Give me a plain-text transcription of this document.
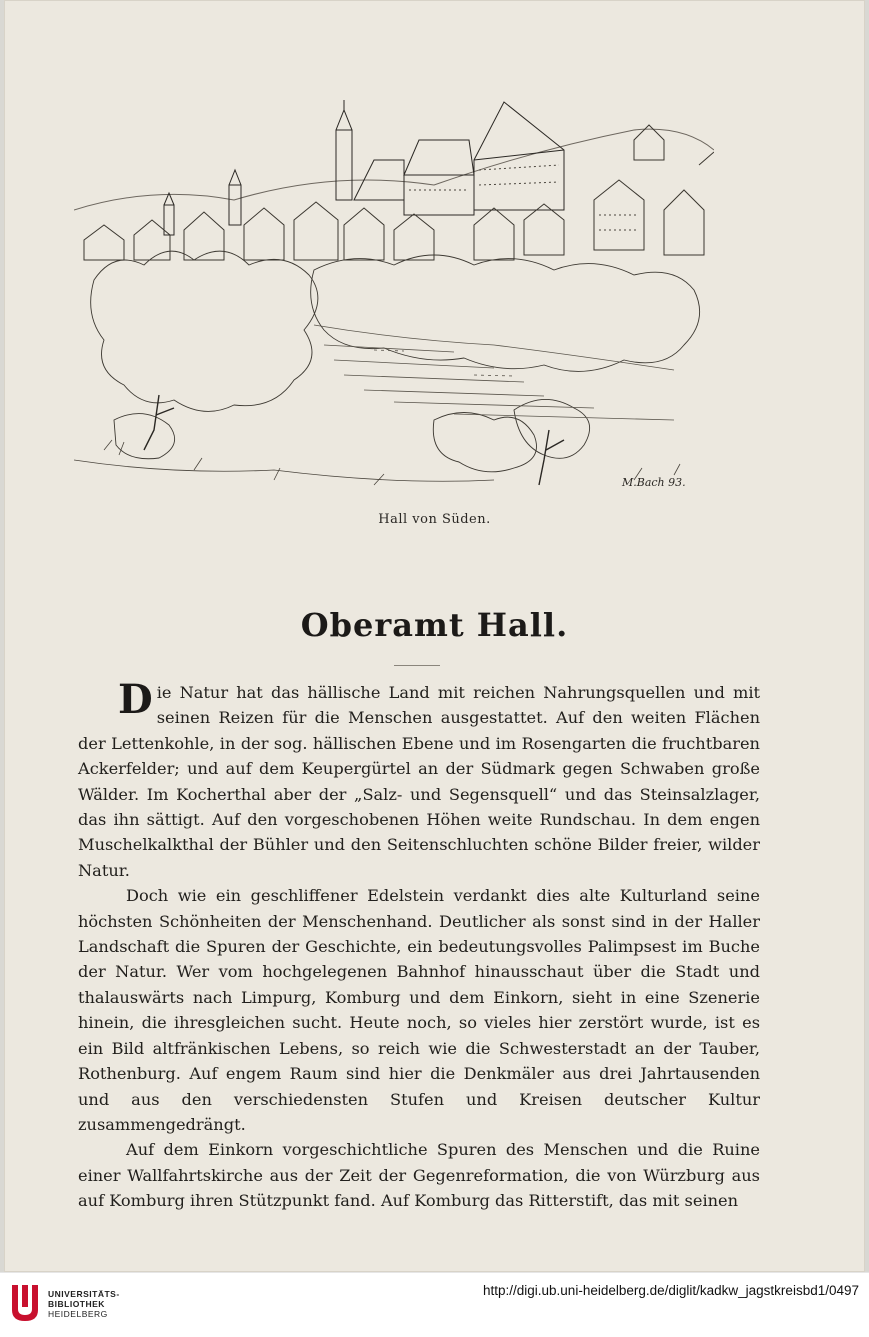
M.Bach 93.
Hall von Süden.
Oberamt Hall.

Die Natur hat das hällische Land mit reichen Nahrungsquellen und mit seinen Reizen für die Menschen ausgestattet. Auf den weiten Flächen der Lettenkohle, in der sog. hällischen Ebene und im Rosengarten die fruchtbaren Ackerfelder; und auf dem Keupergürtel an der Südmark gegen Schwaben große Wälder. Im Kocherthal aber der „Salz- und Segensquell“ und das Steinsalzlager, das ihn sättigt. Auf den vorgeschobenen Höhen weite Rundschau. In dem engen Muschelkalkthal der Bühler und den Seitenschluchten schöne Bilder freier, wilder Natur.

Doch wie ein geschliffener Edelstein verdankt dies alte Kulturland seine höchsten Schönheiten der Menschenhand. Deutlicher als sonst sind in der Haller Landschaft die Spuren der Geschichte, ein bedeutungsvolles Palimpsest im Buche der Natur. Wer vom hochgelegenen Bahnhof hinausschaut über die Stadt und thalauswärts nach Limpurg, Komburg und dem Einkorn, sieht in eine Szenerie hinein, die ihresgleichen sucht. Heute noch, so vieles hier zerstört wurde, ist es ein Bild altfränkischen Lebens, so reich wie die Schwesterstadt an der Tauber, Rothenburg. Auf engem Raum sind hier die Denkmäler aus drei Jahrtausenden und aus den verschiedensten Stufen und Kreisen deutscher Kultur zusammengedrängt.

Auf dem Einkorn vorgeschichtliche Spuren des Menschen und die Ruine einer Wallfahrtskirche aus der Zeit der Gegenreformation, die von Würzburg aus auf Komburg ihren Stützpunkt fand. Auf Komburg das Ritterstift, das mit seinen

UNIVERSITÄTS-
BIBLIOTHEK
HEIDELBERG
http://digi.ub.uni-heidelberg.de/diglit/kadkw_jagstkreisbd1/0497
